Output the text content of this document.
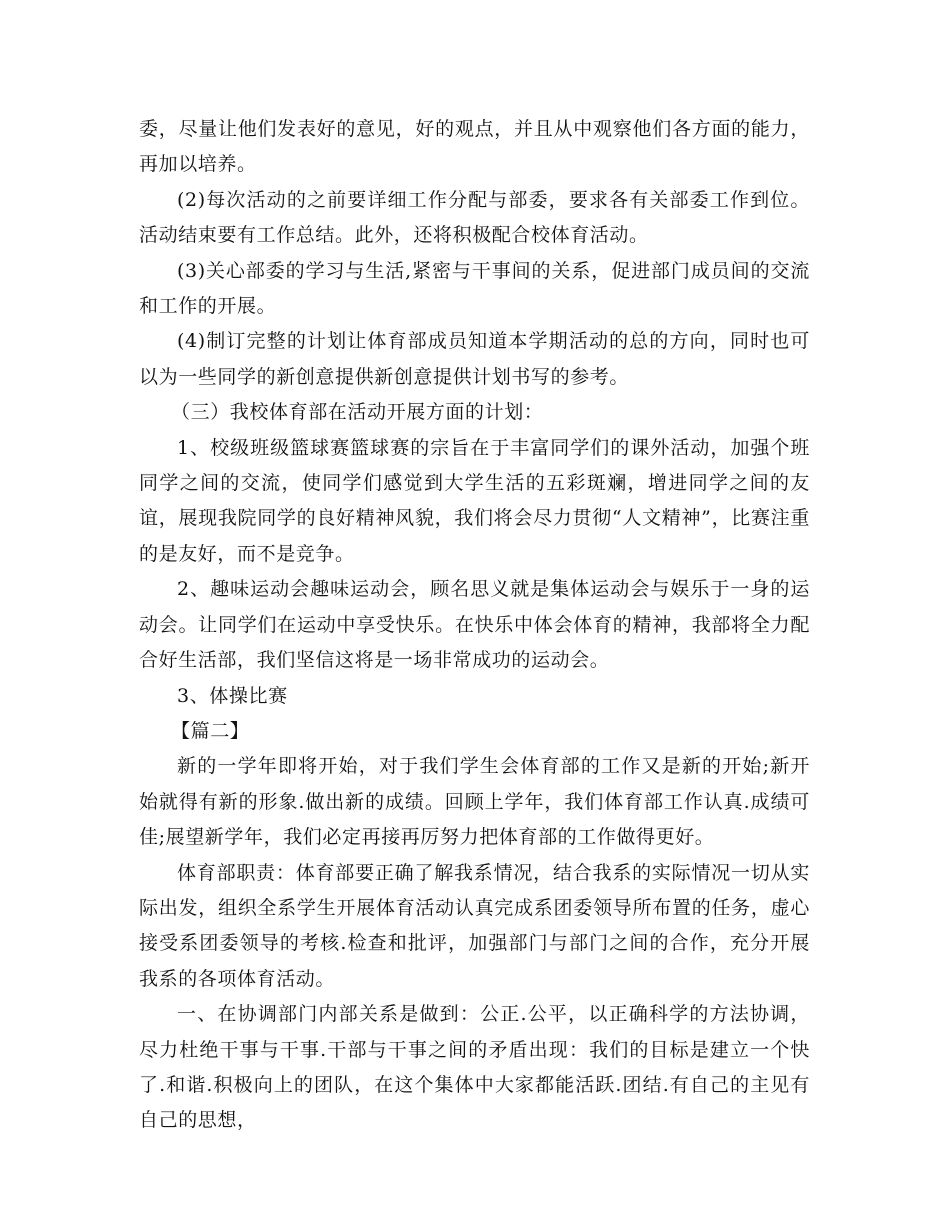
委，尽量让他们发表好的意见，好的观点，并且从中观察他们各方面的能力，再加以培养。

(2)每次活动的之前要详细工作分配与部委，要求各有关部委工作到位。活动结束要有工作总结。此外，还将积极配合校体育活动。

(3)关心部委的学习与生活,紧密与干事间的关系，促进部门成员间的交流和工作的开展。

(4)制订完整的计划让体育部成员知道本学期活动的总的方向，同时也可以为一些同学的新创意提供新创意提供计划书写的参考。

（三）我校体育部在活动开展方面的计划：

1、校级班级篮球赛篮球赛的宗旨在于丰富同学们的课外活动，加强个班同学之间的交流，使同学们感觉到大学生活的五彩斑斓，增进同学之间的友谊，展现我院同学的良好精神风貌，我们将会尽力贯彻“人文精神”，比赛注重的是友好，而不是竞争。

2、趣味运动会趣味运动会，顾名思义就是集体运动会与娱乐于一身的运动会。让同学们在运动中享受快乐。在快乐中体会体育的精神，我部将全力配合好生活部，我们坚信这将是一场非常成功的运动会。

3、体操比赛

【篇二】

新的一学年即将开始，对于我们学生会体育部的工作又是新的开始;新开始就得有新的形象.做出新的成绩。回顾上学年，我们体育部工作认真.成绩可佳;展望新学年，我们必定再接再厉努力把体育部的工作做得更好。

体育部职责：体育部要正确了解我系情况，结合我系的实际情况一切从实际出发，组织全系学生开展体育活动认真完成系团委领导所布置的任务，虚心接受系团委领导的考核.检查和批评，加强部门与部门之间的合作，充分开展我系的各项体育活动。

一、在协调部门内部关系是做到：公正.公平，以正确科学的方法协调，尽力杜绝干事与干事.干部与干事之间的矛盾出现：我们的目标是建立一个快了.和谐.积极向上的团队，在这个集体中大家都能活跃.团结.有自己的主见有自己的思想，
